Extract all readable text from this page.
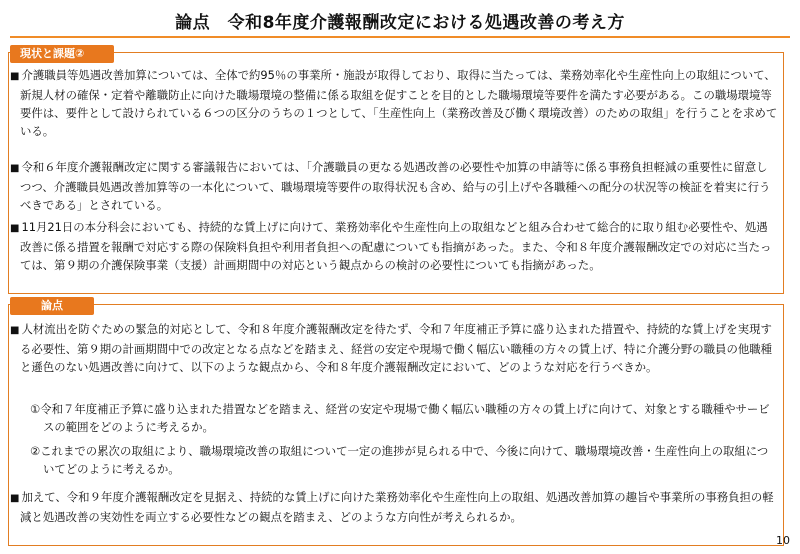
論点　令和8年度介護報酬改定における処遇改善の考え方
現状と課題②

■ 介護職員等処遇改善加算については、全体で約95％の事業所・施設が取得しており、取得に当たっては、業務効率化や生産性向上の取組について、新規人材の確保・定着や離職防止に向けた職場環境の整備に係る取組を促すことを目的とした職場環境等要件を満たす必要がある。この職場環境等要件は、要件として設けられている６つの区分のうちの１つとして、「生産性向上（業務改善及び働く環境改善）のための取組」を行うことを求めている。

■ 令和６年度介護報酬改定に関する審議報告においては、「介護職員の更なる処遇改善の必要性や加算の申請等に係る事務負担軽減の重要性に留意しつつ、介護職員処遇改善加算等の一本化について、職場環境等要件の取得状況も含め、給与の引上げや各職種への配分の状況等の検証を着実に行うべきである」とされている。

■ 11月21日の本分科会においても、持続的な賃上げに向けて、業務効率化や生産性向上の取組などと組み合わせて総合的に取り組む必要性や、処遇改善に係る措置を報酬で対応する際の保険料負担や利用者負担への配慮についても指摘があった。また、令和８年度介護報酬改定での対応に当たっては、第９期の介護保険事業（支援）計画期間中の対応という観点からの検討の必要性についても指摘があった。

論点

■ 人材流出を防ぐための緊急的対応として、令和８年度介護報酬改定を待たず、令和７年度補正予算に盛り込まれた措置や、持続的な賃上げを実現する必要性、第９期の計画期間中での改定となる点などを踏まえ、経営の安定や現場で働く幅広い職種の方々の賃上げ、特に介護分野の職員の他職種と遜色のない処遇改善に向けて、以下のような観点から、令和８年度介護報酬改定において、どのような対応を行うべきか。

①令和７年度補正予算に盛り込まれた措置などを踏まえ、経営の安定や現場で働く幅広い職種の方々の賃上げに向けて、対象とする職種やサービスの範囲をどのように考えるか。

②これまでの累次の取組により、職場環境改善の取組について一定の進捗が見られる中で、今後に向けて、職場環境改善・生産性向上の取組についてどのように考えるか。

■ 加えて、令和９年度介護報酬改定を見据え、持続的な賃上げに向けた業務効率化や生産性向上の取組、処遇改善加算の趣旨や事業所の事務負担の軽減と処遇改善の実効性を両立する必要性などの観点を踏まえ、どのような方向性が考えられるか。

10
